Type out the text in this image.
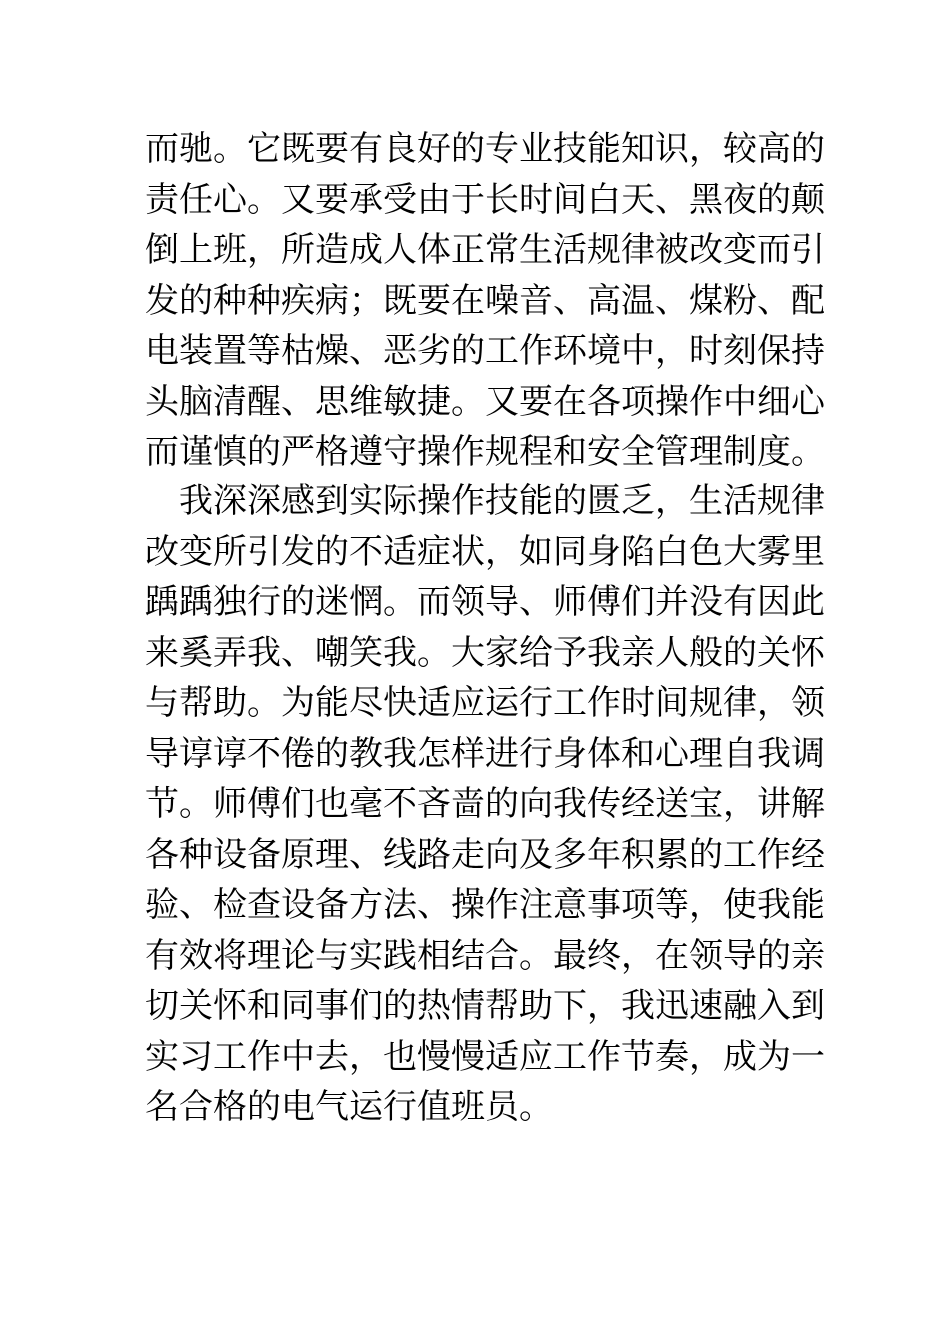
而驰。它既要有良好的专业技能知识，较高的
责任心。又要承受由于长时间白天、黑夜的颠
倒上班，所造成人体正常生活规律被改变而引
发的种种疾病；既要在噪音、高温、煤粉、配
电装置等枯燥、恶劣的工作环境中，时刻保持
头脑清醒、思维敏捷。又要在各项操作中细心
而谨慎的严格遵守操作规程和安全管理制度。
　我深深感到实际操作技能的匮乏，生活规律
改变所引发的不适症状，如同身陷白色大雾里
踽踽独行的迷惘。而领导、师傅们并没有因此
来奚弄我、嘲笑我。大家给予我亲人般的关怀
与帮助。为能尽快适应运行工作时间规律，领
导谆谆不倦的教我怎样进行身体和心理自我调
节。师傅们也毫不吝啬的向我传经送宝，讲解
各种设备原理、线路走向及多年积累的工作经
验、检查设备方法、操作注意事项等，使我能
有效将理论与实践相结合。最终，在领导的亲
切关怀和同事们的热情帮助下，我迅速融入到
实习工作中去，也慢慢适应工作节奏，成为一
名合格的电气运行值班员。
